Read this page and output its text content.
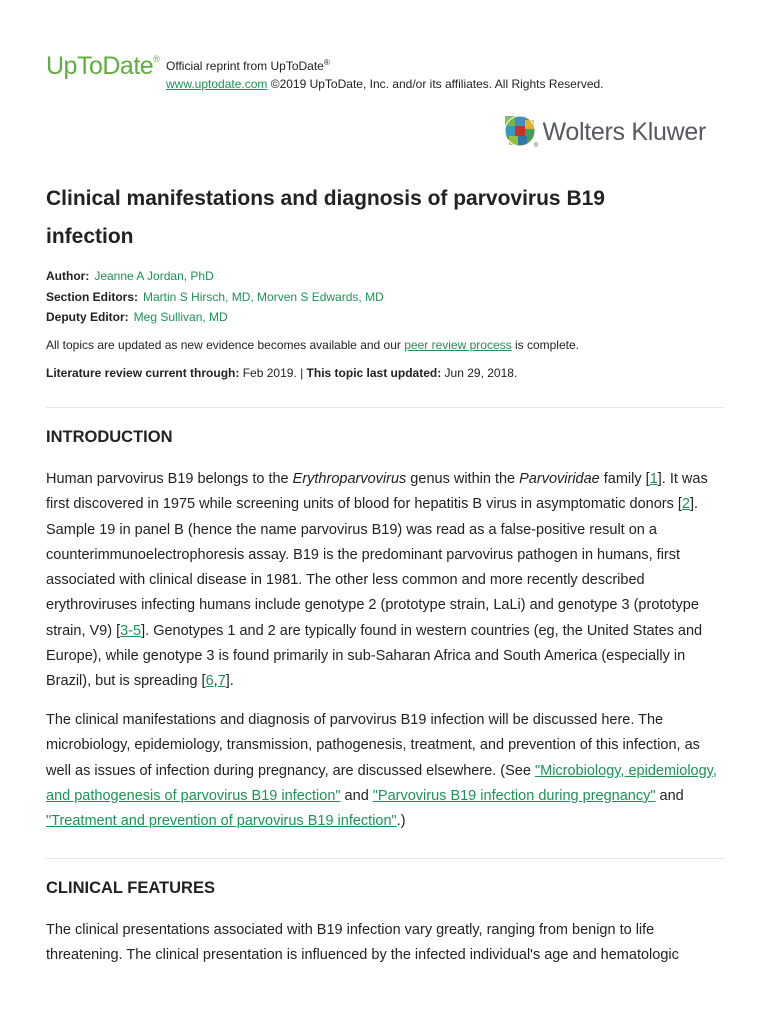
UpToDate® Official reprint from UpToDate®
www.uptodate.com ©2019 UpToDate, Inc. and/or its affiliates. All Rights Reserved.
®
Wolters Kluwer
Clinical manifestations and diagnosis of parvovirus B19 infection
Author: Jeanne A Jordan, PhD
Section Editors: Martin S Hirsch, MD, Morven S Edwards, MD
Deputy Editor: Meg Sullivan, MD
All topics are updated as new evidence becomes available and our peer review process is complete.
Literature review current through: Feb 2019. | This topic last updated: Jun 29, 2018.
INTRODUCTION

Human parvovirus B19 belongs to the Erythroparvovirus genus within the Parvoviridae family [1]. It was first discovered in 1975 while screening units of blood for hepatitis B virus in asymptomatic donors [2]. Sample 19 in panel B (hence the name parvovirus B19) was read as a false-positive result on a counterimmunoelectrophoresis assay. B19 is the predominant parvovirus pathogen in humans, first associated with clinical disease in 1981. The other less common and more recently described erythroviruses infecting humans include genotype 2 (prototype strain, LaLi) and genotype 3 (prototype strain, V9) [3-5]. Genotypes 1 and 2 are typically found in western countries (eg, the United States and Europe), while genotype 3 is found primarily in sub-Saharan Africa and South America (especially in Brazil), but is spreading [6,7].

The clinical manifestations and diagnosis of parvovirus B19 infection will be discussed here. The microbiology, epidemiology, transmission, pathogenesis, treatment, and prevention of this infection, as well as issues of infection during pregnancy, are discussed elsewhere. (See "Microbiology, epidemiology, and pathogenesis of parvovirus B19 infection" and "Parvovirus B19 infection during pregnancy" and "Treatment and prevention of parvovirus B19 infection".)

CLINICAL FEATURES

The clinical presentations associated with B19 infection vary greatly, ranging from benign to life threatening. The clinical presentation is influenced by the infected individual's age and hematologic
